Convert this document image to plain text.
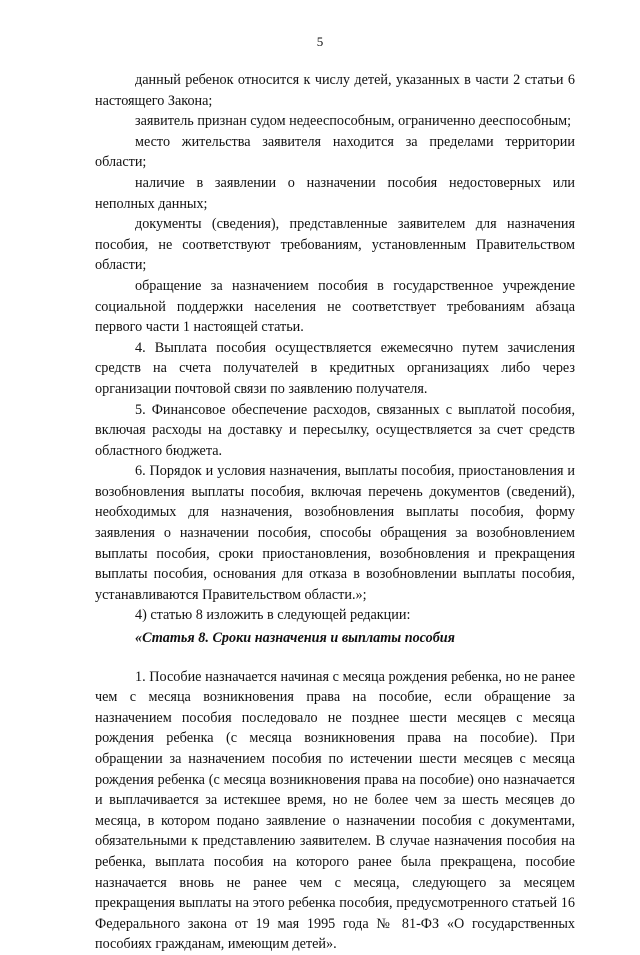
5

данный ребенок относится к числу детей, указанных в части 2 статьи 6 настоящего Закона;

заявитель признан судом недееспособным, ограниченно дееспособным;

место жительства заявителя находится за пределами территории области;

наличие в заявлении о назначении пособия недостоверных или неполных данных;

документы (сведения), представленные заявителем для назначения пособия, не соответствуют требованиям, установленным Правительством области;

обращение за назначением пособия в государственное учреждение социальной поддержки населения не соответствует требованиям абзаца первого части 1 настоящей статьи.

4. Выплата пособия осуществляется ежемесячно путем зачисления средств на счета получателей в кредитных организациях либо через организации почтовой связи по заявлению получателя.

5. Финансовое обеспечение расходов, связанных с выплатой пособия, включая расходы на доставку и пересылку, осуществляется за счет средств областного бюджета.

6. Порядок и условия назначения, выплаты пособия, приостановления и возобновления выплаты пособия, включая перечень документов (сведений), необходимых для назначения, возобновления выплаты пособия, форму заявления о назначении пособия, способы обращения за возобновлением выплаты пособия, сроки приостановления, возобновления и прекращения выплаты пособия, основания для отказа в возобновлении выплаты пособия, устанавливаются Правительством области.»;

4) статью 8 изложить в следующей редакции:

«Статья 8. Сроки назначения и выплаты пособия

1. Пособие назначается начиная с месяца рождения ребенка, но не ранее чем с месяца возникновения права на пособие, если обращение за назначением пособия последовало не позднее шести месяцев с месяца рождения ребенка (с месяца возникновения права на пособие). При обращении за назначением пособия по истечении шести месяцев с месяца рождения ребенка (с месяца возникновения права на пособие) оно назначается и выплачивается за истекшее время, но не более чем за шесть месяцев до месяца, в котором подано заявление о назначении пособия с документами, обязательными к представлению заявителем. В случае назначения пособия на ребенка, выплата пособия на которого ранее была прекращена, пособие назначается вновь не ранее чем с месяца, следующего за месяцем прекращения выплаты на этого ребенка пособия, предусмотренного статьей 16 Федерального закона от 19 мая 1995 года № 81-ФЗ «О государственных пособиях гражданам, имеющим детей».
